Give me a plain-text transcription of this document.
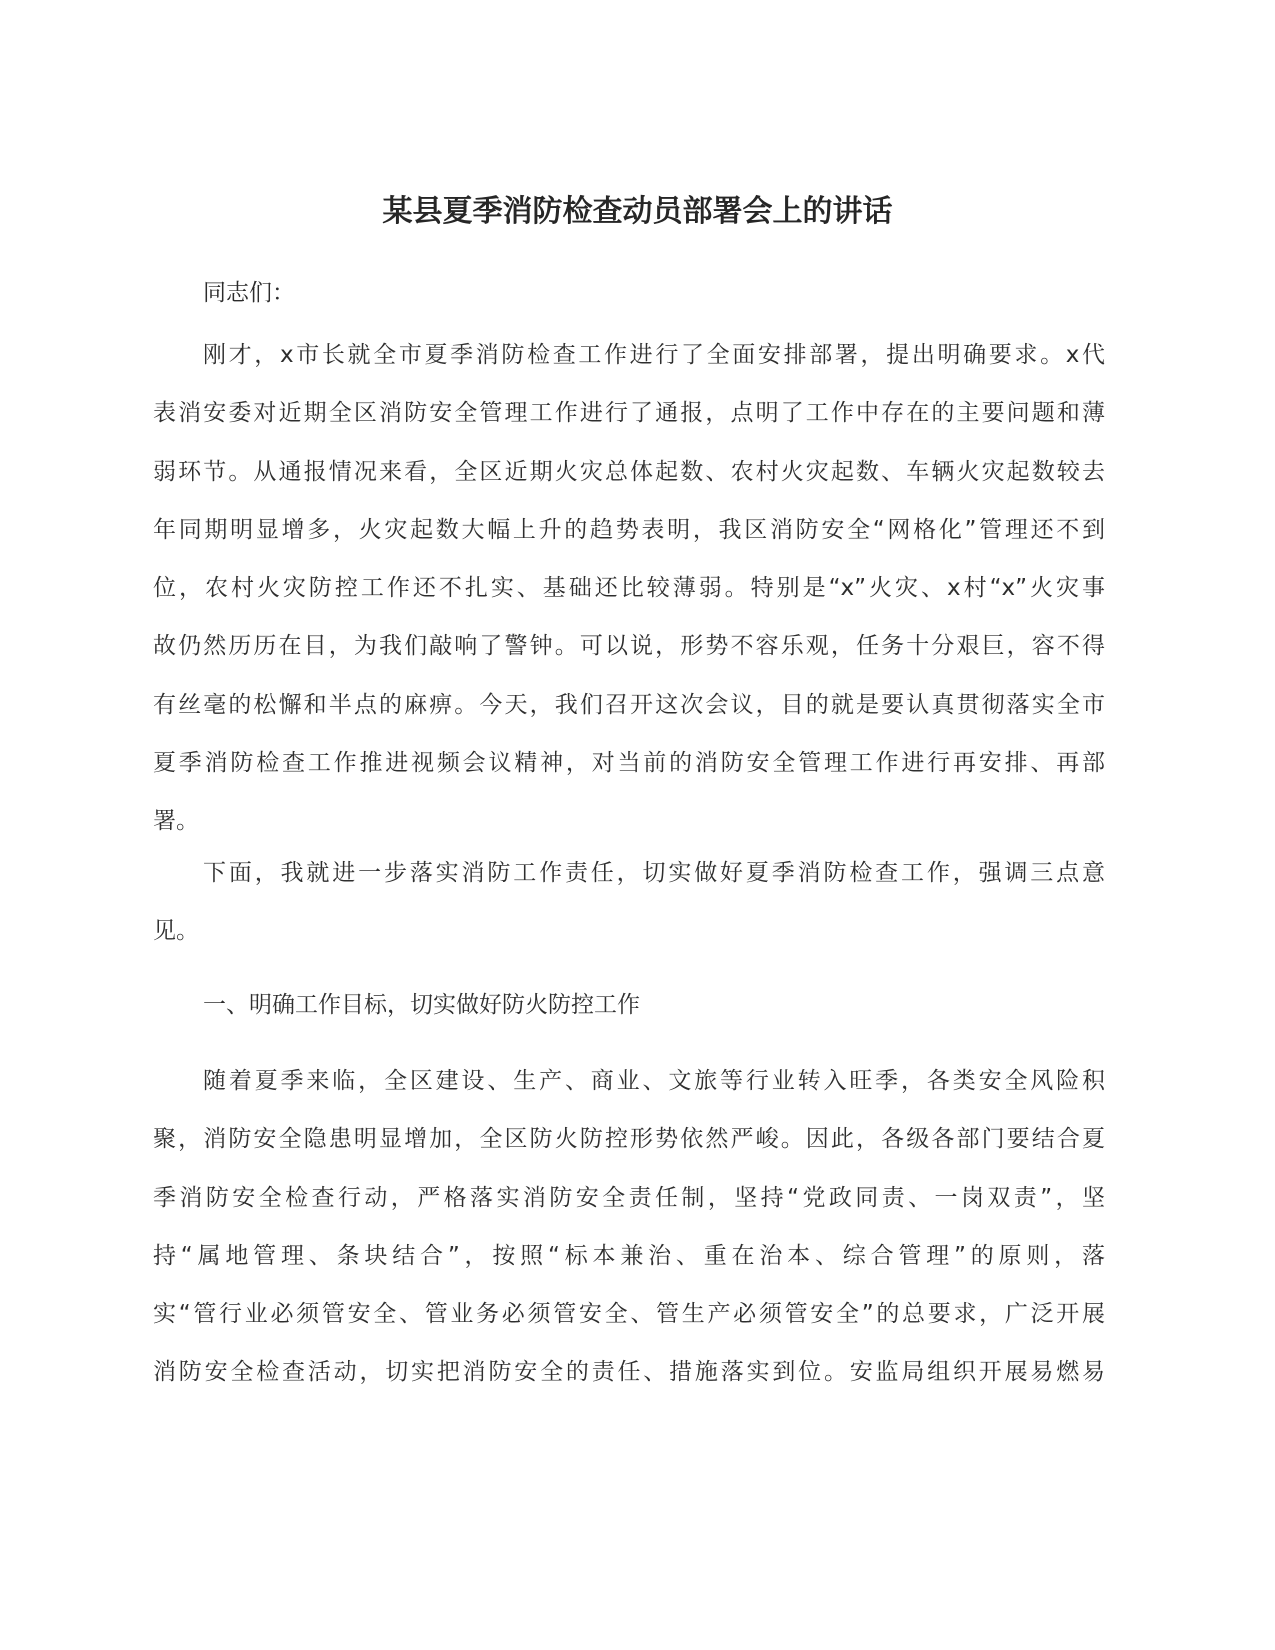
某县夏季消防检查动员部署会上的讲话

同志们：

刚才，x市长就全市夏季消防检查工作进行了全面安排部署，提出明确要求。x代
表消安委对近期全区消防安全管理工作进行了通报，点明了工作中存在的主要问题和薄
弱环节。从通报情况来看，全区近期火灾总体起数、农村火灾起数、车辆火灾起数较去
年同期明显增多，火灾起数大幅上升的趋势表明，我区消防安全“网格化”管理还不到
位，农村火灾防控工作还不扎实、基础还比较薄弱。特别是“x”火灾、x村“x”火灾事
故仍然历历在目，为我们敲响了警钟。可以说，形势不容乐观，任务十分艰巨，容不得
有丝毫的松懈和半点的麻痹。今天，我们召开这次会议，目的就是要认真贯彻落实全市
夏季消防检查工作推进视频会议精神，对当前的消防安全管理工作进行再安排、再部
署。
下面，我就进一步落实消防工作责任，切实做好夏季消防检查工作，强调三点意
见。
一、明确工作目标，切实做好防火防控工作
随着夏季来临，全区建设、生产、商业、文旅等行业转入旺季，各类安全风险积
聚，消防安全隐患明显增加，全区防火防控形势依然严峻。因此，各级各部门要结合夏
季消防安全检查行动，严格落实消防安全责任制，坚持“党政同责、一岗双责”，坚
持“属地管理、条块结合”，按照“标本兼治、重在治本、综合管理”的原则，落
实“管行业必须管安全、管业务必须管安全、管生产必须管安全”的总要求，广泛开展
消防安全检查活动，切实把消防安全的责任、措施落实到位。安监局组织开展易燃易
